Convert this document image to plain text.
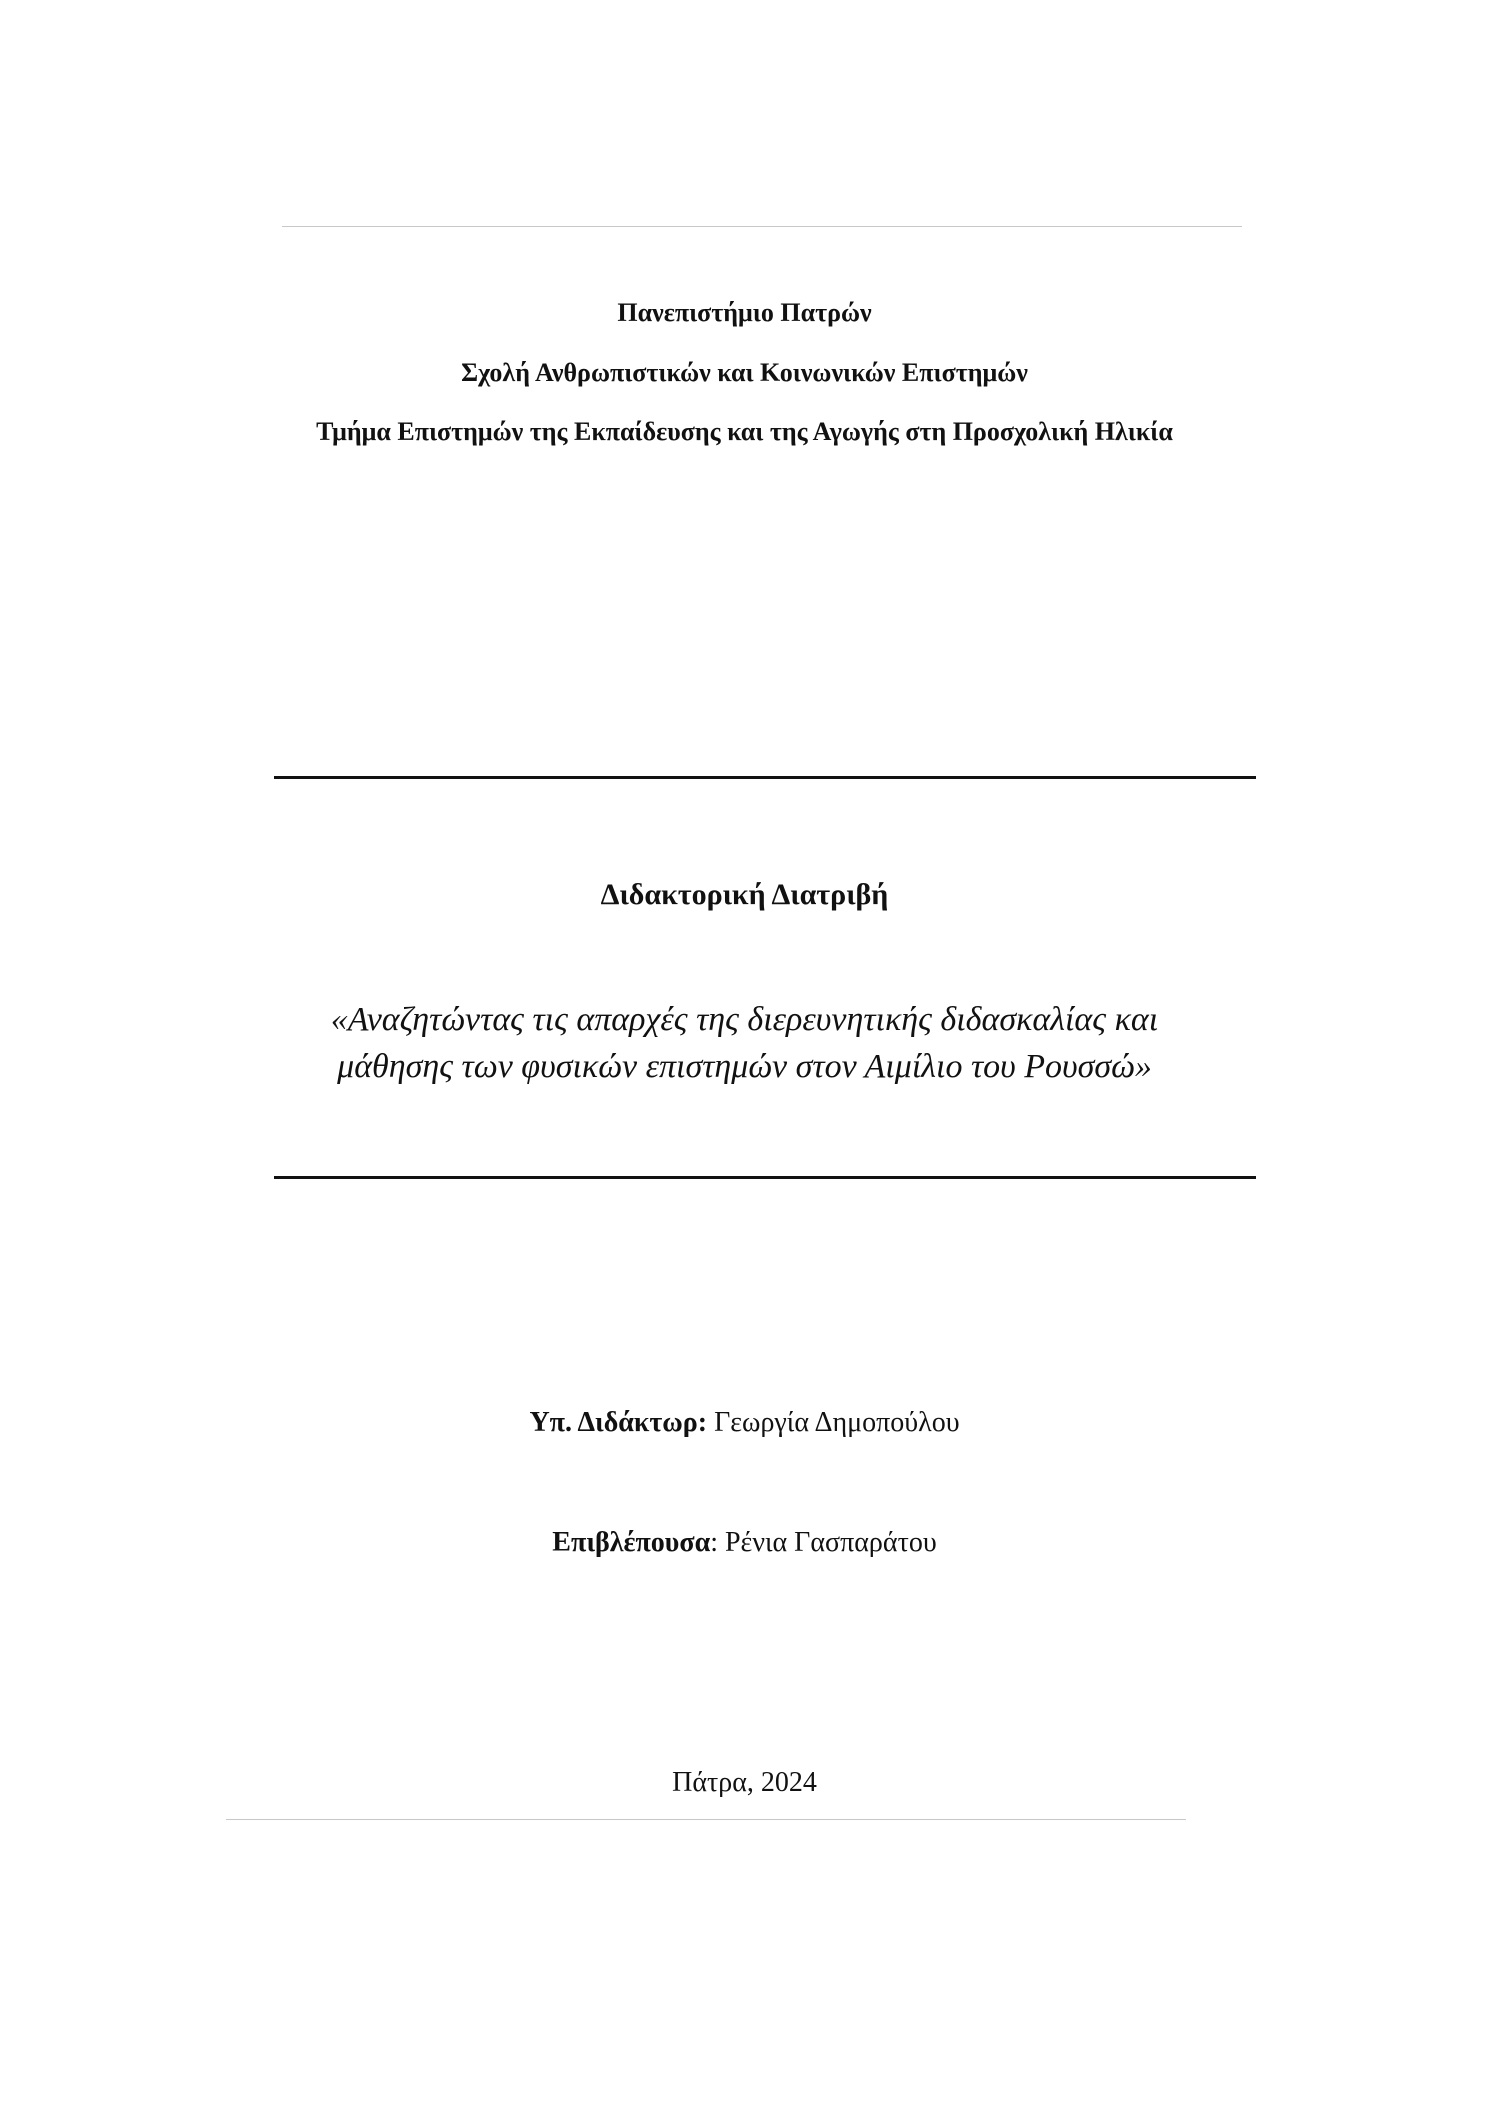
Πανεπιστήμιο Πατρών
Σχολή Ανθρωπιστικών και Κοινωνικών Επιστημών
Τμήμα Επιστημών της Εκπαίδευσης και της Αγωγής στη Προσχολική Ηλικία
Διδακτορική Διατριβή
«Αναζητώντας τις απαρχές της διερευνητικής διδασκαλίας και
μάθησης των φυσικών επιστημών στον Αιμίλιο του Ρουσσώ»
Υπ. Διδάκτωρ: Γεωργία Δημοπούλου
Επιβλέπουσα: Ρένια Γασπαράτου
Πάτρα, 2024
